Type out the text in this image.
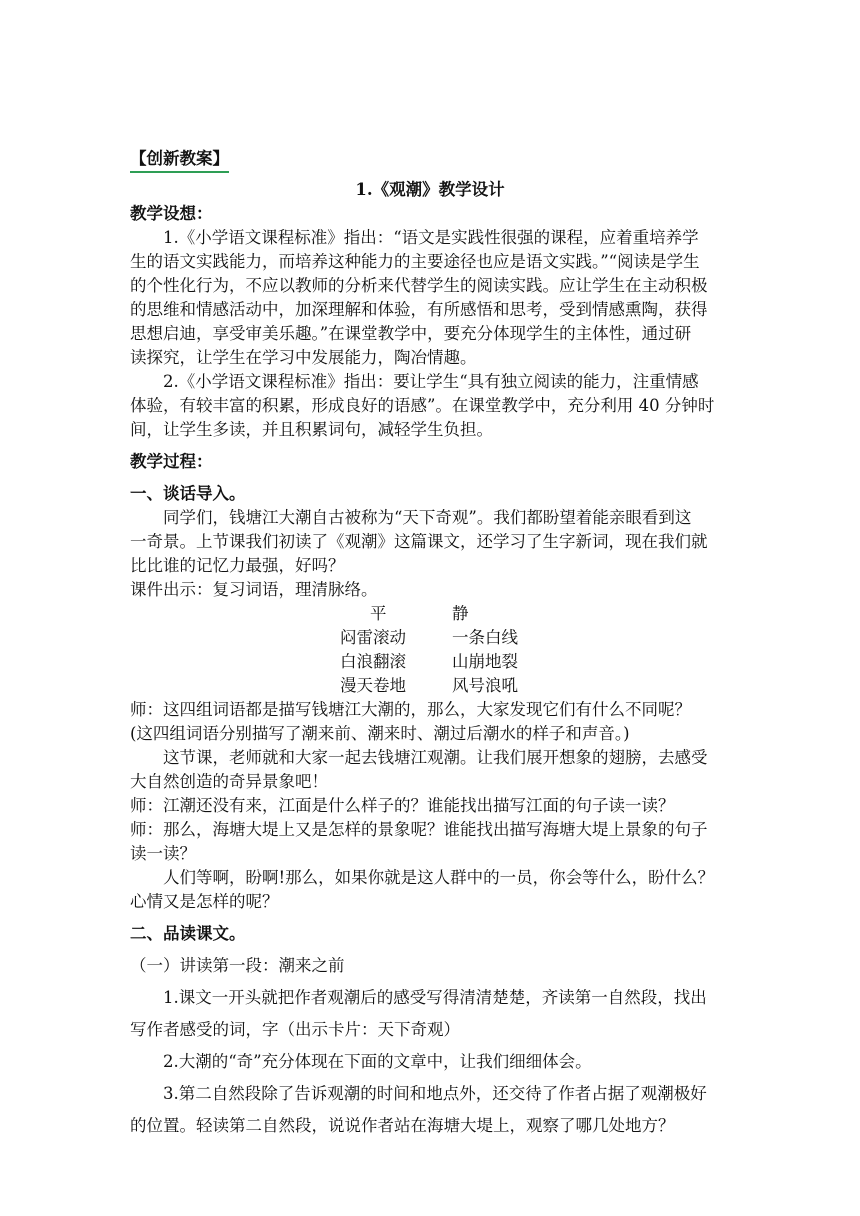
【创新教案】
1.《观潮》教学设计
教学设想：
1.《小学语文课程标准》指出：“语文是实践性很强的课程，应着重培养学
生的语文实践能力，而培养这种能力的主要途径也应是语文实践。”“阅读是学生
的个性化行为，不应以教师的分析来代替学生的阅读实践。应让学生在主动积极
的思维和情感活动中，加深理解和体验，有所感悟和思考，受到情感熏陶，获得
思想启迪，享受审美乐趣。”在课堂教学中，要充分体现学生的主体性，通过研
读探究，让学生在学习中发展能力，陶冶情趣。
2.《小学语文课程标准》指出：要让学生“具有独立阅读的能力，注重情感
体验，有较丰富的积累，形成良好的语感”。在课堂教学中，充分利用 40 分钟时
间，让学生多读，并且积累词句，减轻学生负担。
教学过程：
一、谈话导入。
同学们，钱塘江大潮自古被称为“天下奇观”。我们都盼望着能亲眼看到这
一奇景。上节课我们初读了《观潮》这篇课文，还学习了生字新词，现在我们就
比比谁的记忆力最强，好吗？
课件出示：复习词语，理清脉络。
平	静
闷雷滚动	一条白线
白浪翻滚	山崩地裂
漫天卷地	风号浪吼
师：这四组词语都是描写钱塘江大潮的，那么，大家发现它们有什么不同呢？
(这四组词语分别描写了潮来前、潮来时、潮过后潮水的样子和声音。)
这节课，老师就和大家一起去钱塘江观潮。让我们展开想象的翅膀，去感受
大自然创造的奇异景象吧！
师：江潮还没有来，江面是什么样子的？谁能找出描写江面的句子读一读？
师：那么，海塘大堤上又是怎样的景象呢？谁能找出描写海塘大堤上景象的句子
读一读？
人们等啊，盼啊!那么，如果你就是这人群中的一员，你会等什么，盼什么？
心情又是怎样的呢？
二、品读课文。
（一）讲读第一段：潮来之前
1.课文一开头就把作者观潮后的感受写得清清楚楚，齐读第一自然段，找出
写作者感受的词，字（出示卡片：天下奇观）
2.大潮的“奇”充分体现在下面的文章中，让我们细细体会。
3.第二自然段除了告诉观潮的时间和地点外，还交待了作者占据了观潮极好
的位置。轻读第二自然段，说说作者站在海塘大堤上，观察了哪几处地方？
